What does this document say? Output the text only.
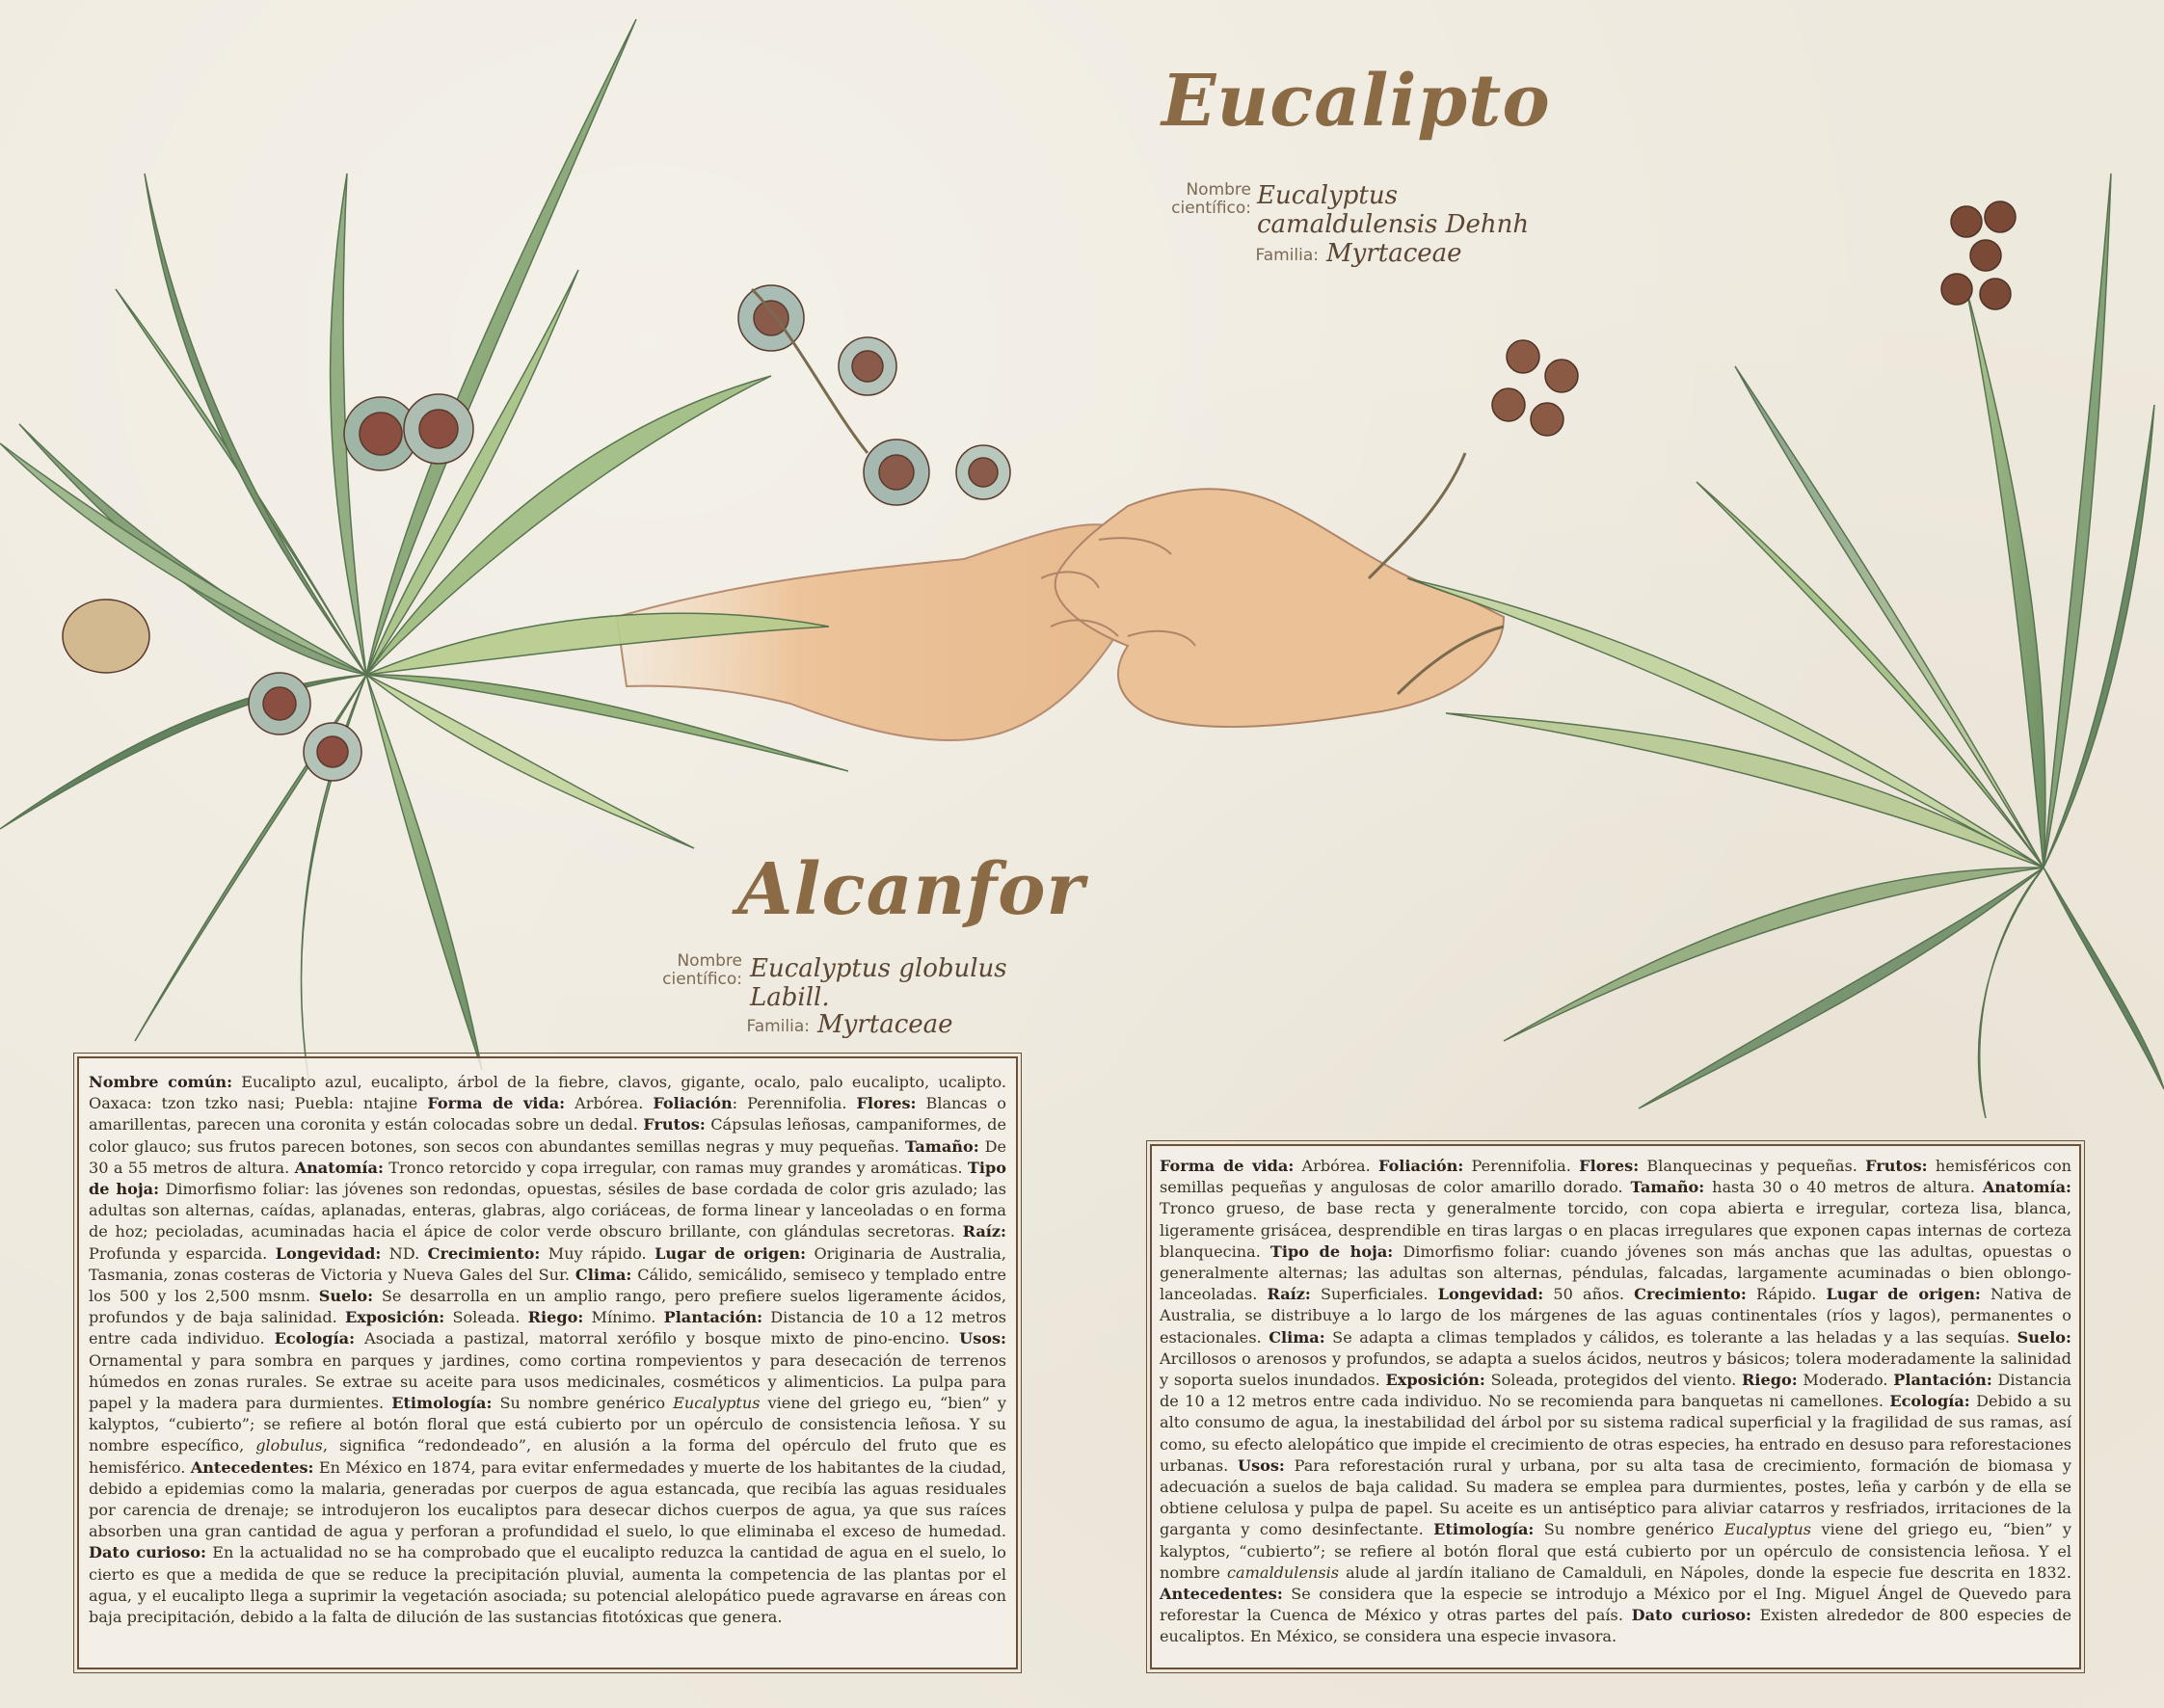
Eucalipto
Nombre
científico: Eucalyptus camaldulensis Dehnh
Familia: Myrtaceae
Alcanfor
Nombre
científico: Eucalyptus globulus Labill.
Familia: Myrtaceae
Nombre común: Eucalipto azul, eucalipto, árbol de la fiebre, clavos, gigante, ocalo, palo eucalipto, ucalipto. Oaxaca: tzon tzko nasi; Puebla: ntajine Forma de vida: Arbórea. Foliación: Perennifolia. Flores: Blancas o amarillentas, parecen una coronita y están colocadas sobre un dedal. Frutos: Cápsulas leñosas, campaniformes, de color glauco; sus frutos parecen botones, son secos con abundantes semillas negras y muy pequeñas. Tamaño: De 30 a 55 metros de altura. Anatomía: Tronco retorcido y copa irregular, con ramas muy grandes y aromáticas. Tipo de hoja: Dimorfismo foliar: las jóvenes son redondas, opuestas, sésiles de base cordada de color gris azulado; las adultas son alternas, caídas, aplanadas, enteras, glabras, algo coriáceas, de forma linear y lanceoladas o en forma de hoz; pecioladas, acuminadas hacia el ápice de color verde obscuro brillante, con glándulas secretoras. Raíz: Profunda y esparcida. Longevidad: ND. Crecimiento: Muy rápido. Lugar de origen: Originaria de Australia, Tasmania, zonas costeras de Victoria y Nueva Gales del Sur. Clima: Cálido, semicálido, semiseco y templado entre los 500 y los 2,500 msnm. Suelo: Se desarrolla en un amplio rango, pero prefiere suelos ligeramente ácidos, profundos y de baja salinidad. Exposición: Soleada. Riego: Mínimo. Plantación: Distancia de 10 a 12 metros entre cada individuo. Ecología: Asociada a pastizal, matorral xerófilo y bosque mixto de pino-encino. Usos: Ornamental y para sombra en parques y jardines, como cortina rompevientos y para desecación de terrenos húmedos en zonas rurales. Se extrae su aceite para usos medicinales, cosméticos y alimenticios. La pulpa para papel y la madera para durmientes. Etimología: Su nombre genérico Eucalyptus viene del griego eu, “bien” y kalyptos, “cubierto”; se refiere al botón floral que está cubierto por un opérculo de consistencia leñosa. Y su nombre específico, globulus, significa “redondeado”, en alusión a la forma del opérculo del fruto que es hemisférico. Antecedentes: En México en 1874, para evitar enfermedades y muerte de los habitantes de la ciudad, debido a epidemias como la malaria, generadas por cuerpos de agua estancada, que recibía las aguas residuales por carencia de drenaje; se introdujeron los eucaliptos para desecar dichos cuerpos de agua, ya que sus raíces absorben una gran cantidad de agua y perforan a profundidad el suelo, lo que eliminaba el exceso de humedad. Dato curioso: En la actualidad no se ha comprobado que el eucalipto reduzca la cantidad de agua en el suelo, lo cierto es que a medida de que se reduce la precipitación pluvial, aumenta la competencia de las plantas por el agua, y el eucalipto llega a suprimir la vegetación asociada; su potencial alelopático puede agravarse en áreas con baja precipitación, debido a la falta de dilución de las sustancias fitotóxicas que genera.
Forma de vida: Arbórea. Foliación: Perennifolia. Flores: Blanquecinas y pequeñas. Frutos: hemisféricos con semillas pequeñas y angulosas de color amarillo dorado. Tamaño: hasta 30 o 40 metros de altura. Anatomía: Tronco grueso, de base recta y generalmente torcido, con copa abierta e irregular, corteza lisa, blanca, ligeramente grisácea, desprendible en tiras largas o en placas irregulares que exponen capas internas de corteza blanquecina. Tipo de hoja: Dimorfismo foliar: cuando jóvenes son más anchas que las adultas, opuestas o generalmente alternas; las adultas son alternas, péndulas, falcadas, largamente acuminadas o bien oblongo-lanceoladas. Raíz: Superficiales. Longevidad: 50 años. Crecimiento: Rápido. Lugar de origen: Nativa de Australia, se distribuye a lo largo de los márgenes de las aguas continentales (ríos y lagos), permanentes o estacionales. Clima: Se adapta a climas templados y cálidos, es tolerante a las heladas y a las sequías. Suelo: Arcillosos o arenosos y profundos, se adapta a suelos ácidos, neutros y básicos; tolera moderadamente la salinidad y soporta suelos inundados. Exposición: Soleada, protegidos del viento. Riego: Moderado. Plantación: Distancia de 10 a 12 metros entre cada individuo. No se recomienda para banquetas ni camellones. Ecología: Debido a su alto consumo de agua, la inestabilidad del árbol por su sistema radical superficial y la fragilidad de sus ramas, así como, su efecto alelopático que impide el crecimiento de otras especies, ha entrado en desuso para reforestaciones urbanas. Usos: Para reforestación rural y urbana, por su alta tasa de crecimiento, formación de biomasa y adecuación a suelos de baja calidad. Su madera se emplea para durmientes, postes, leña y carbón y de ella se obtiene celulosa y pulpa de papel. Su aceite es un antiséptico para aliviar catarros y resfriados, irritaciones de la garganta y como desinfectante. Etimología: Su nombre genérico Eucalyptus viene del griego eu, “bien” y kalyptos, “cubierto”; se refiere al botón floral que está cubierto por un opérculo de consistencia leñosa. Y el nombre camaldulensis alude al jardín italiano de Camalduli, en Nápoles, donde la especie fue descrita en 1832. Antecedentes: Se considera que la especie se introdujo a México por el Ing. Miguel Ángel de Quevedo para reforestar la Cuenca de México y otras partes del país. Dato curioso: Existen alrededor de 800 especies de eucaliptos. En México, se considera una especie invasora.
